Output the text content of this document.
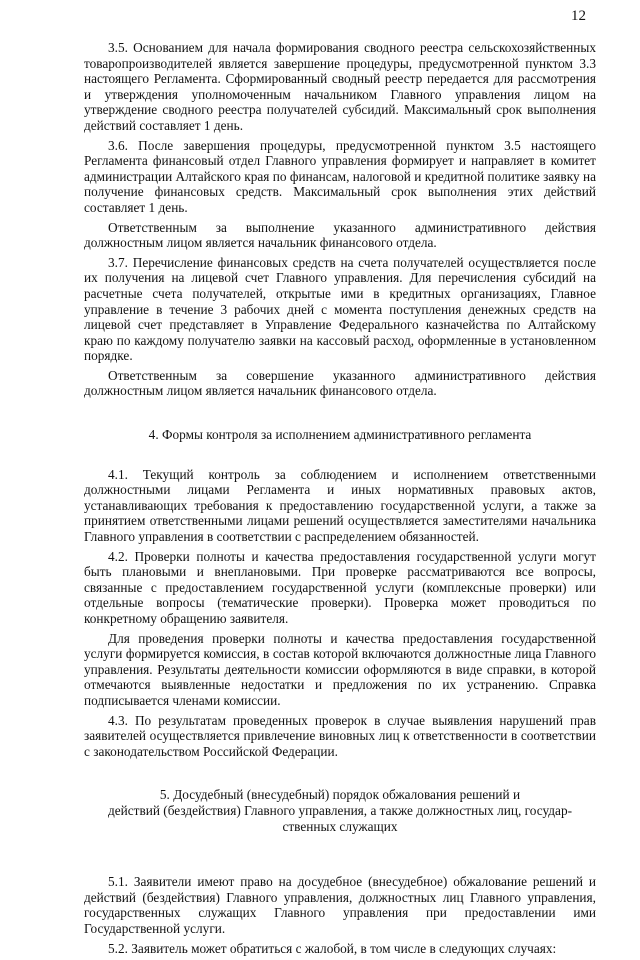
12

3.5. Основанием для начала формирования сводного реестра сельскохозяйственных товаропроизводителей является завершение процедуры, предусмотренной пунктом 3.3 настоящего Регламента. Сформированный сводный реестр передается для рассмотрения и утверждения уполномоченным начальником Главного управления лицом на утверждение сводного реестра получателей субсидий. Максимальный срок выполнения действий составляет 1 день.

3.6. После завершения процедуры, предусмотренной пунктом 3.5 настоящего Регламента финансовый отдел Главного управления формирует и направляет в комитет администрации Алтайского края по финансам, налоговой и кредитной политике заявку на получение финансовых средств. Максимальный срок выполнения этих действий составляет 1 день.

Ответственным за выполнение указанного административного действия должностным лицом является начальник финансового отдела.

3.7. Перечисление финансовых средств на счета получателей осуществляется после их получения на лицевой счет Главного управления. Для перечисления субсидий на расчетные счета получателей, открытые ими в кредитных организациях, Главное управление в течение 3 рабочих дней с момента поступления денежных средств на лицевой счет представляет в Управление Федерального казначейства по Алтайскому краю по каждому получателю заявки на кассовый расход, оформленные в установленном порядке.

Ответственным за совершение указанного административного действия должностным лицом является начальник финансового отдела.

4. Формы контроля за исполнением административного регламента

4.1. Текущий контроль за соблюдением и исполнением ответственными должностными лицами Регламента и иных нормативных правовых актов, устанавливающих требования к предоставлению государственной услуги, а также за принятием ответственными лицами решений осуществляется заместителями начальника Главного управления в соответствии с распределением обязанностей.

4.2. Проверки полноты и качества предоставления государственной услуги могут быть плановыми и внеплановыми. При проверке рассматриваются все вопросы, связанные с предоставлением государственной услуги (комплексные проверки) или отдельные вопросы (тематические проверки). Проверка может проводиться по конкретному обращению заявителя.

Для проведения проверки полноты и качества предоставления государственной услуги формируется комиссия, в состав которой включаются должностные лица Главного управления. Результаты деятельности комиссии оформляются в виде справки, в которой отмечаются выявленные недостатки и предложения по их устранению. Справка подписывается членами комиссии.

4.3. По результатам проведенных проверок в случае выявления нарушений прав заявителей осуществляется привлечение виновных лиц к ответственности в соответствии с законодательством Российской Федерации.

5. Досудебный (внесудебный) порядок обжалования решений и
действий (бездействия) Главного управления, а также должностных лиц, государ-
ственных служащих

5.1. Заявители имеют право на досудебное (внесудебное) обжалование решений и действий (бездействия) Главного управления, должностных лиц Главного управления, государственных служащих Главного управления при предоставлении ими Государственной услуги.

5.2. Заявитель может обратиться с жалобой, в том числе в следующих случаях:
